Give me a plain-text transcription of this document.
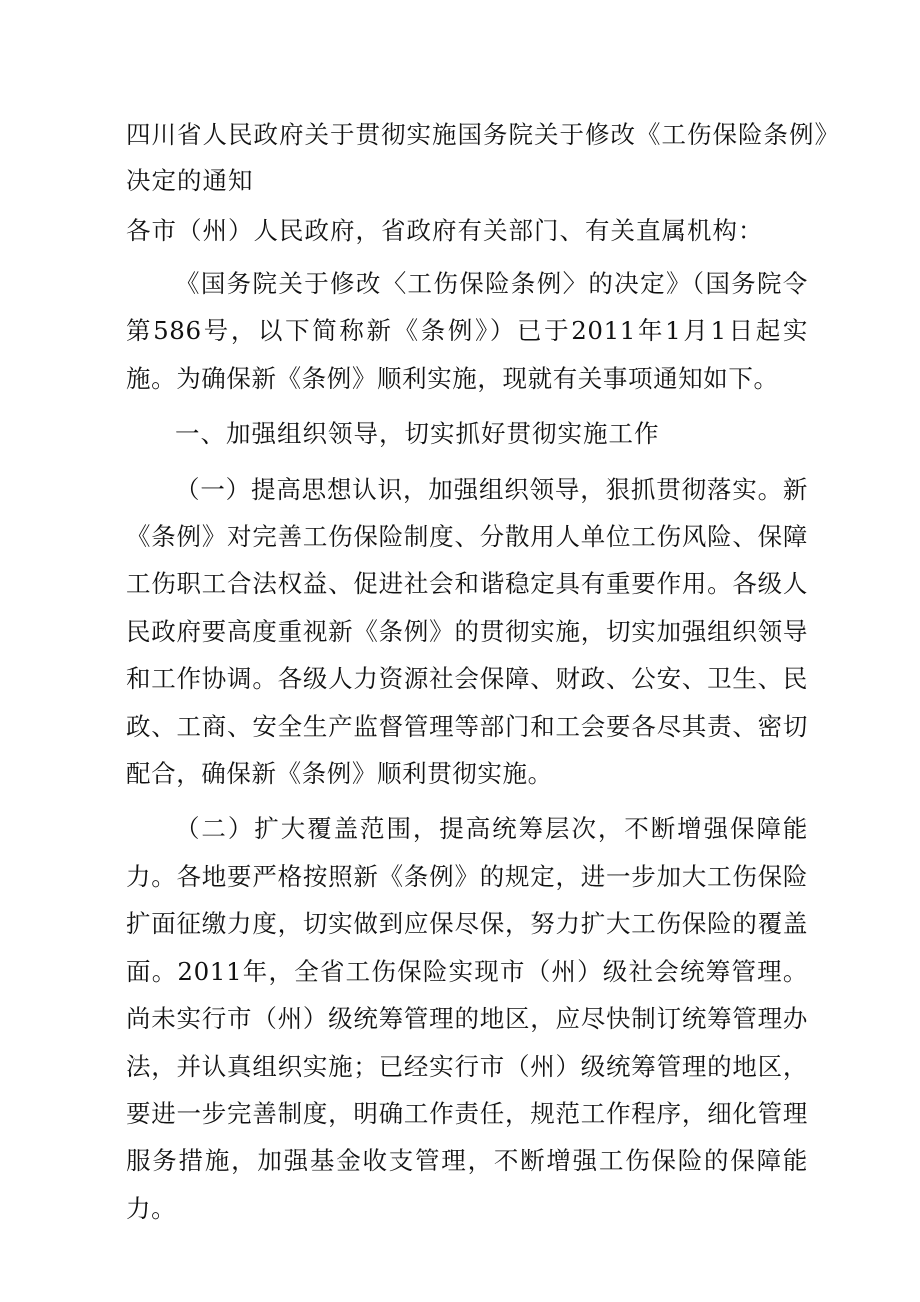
四川省人民政府关于贯彻实施国务院关于修改《工伤保险条例》
决定的通知
各市（州）人民政府，省政府有关部门、有关直属机构：

《国务院关于修改〈工伤保险条例〉的决定》（国务院令第586号，以下简称新《条例》）已于2011年1月1日起实施。为确保新《条例》顺利实施，现就有关事项通知如下。

一、加强组织领导，切实抓好贯彻实施工作

（一）提高思想认识，加强组织领导，狠抓贯彻落实。新《条例》对完善工伤保险制度、分散用人单位工伤风险、保障工伤职工合法权益、促进社会和谐稳定具有重要作用。各级人民政府要高度重视新《条例》的贯彻实施，切实加强组织领导和工作协调。各级人力资源社会保障、财政、公安、卫生、民政、工商、安全生产监督管理等部门和工会要各尽其责、密切配合，确保新《条例》顺利贯彻实施。

（二）扩大覆盖范围，提高统筹层次，不断增强保障能力。各地要严格按照新《条例》的规定，进一步加大工伤保险扩面征缴力度，切实做到应保尽保，努力扩大工伤保险的覆盖面。2011年，全省工伤保险实现市（州）级社会统筹管理。尚未实行市（州）级统筹管理的地区，应尽快制订统筹管理办法，并认真组织实施；已经实行市（州）级统筹管理的地区，要进一步完善制度，明确工作责任，规范工作程序，细化管理服务措施，加强基金收支管理，不断增强工伤保险的保障能力。
